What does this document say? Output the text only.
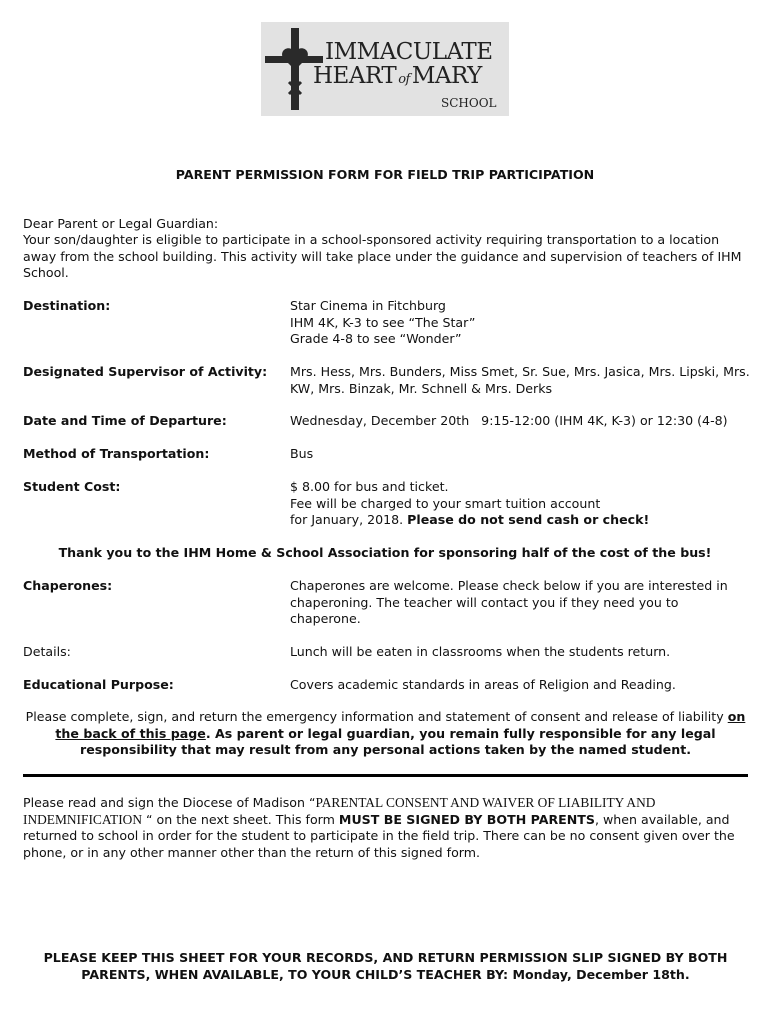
IMMACULATE
HEART ofMARY
SCHOOL
PARENT PERMISSION FORM FOR FIELD TRIP PARTICIPATION
Dear Parent or Legal Guardian:
Your son/daughter is eligible to participate in a school-sponsored activity requiring transportation to a location away from the school building. This activity will take place under the guidance and supervision of teachers of IHM School.
Destination:	Star Cinema in Fitchburg

IHM 4K, K-3 to see “The Star”

Grade 4-8 to see “Wonder”

Designated Supervisor of Activity: Mrs. Hess, Mrs. Bunders, Miss Smet, Sr. Sue, Mrs. Jasica, Mrs. Lipski, Mrs. KW, Mrs. Binzak, Mr. Schnell & Mrs. Derks
Date and Time of Departure:	Wednesday, December 20th   9:15-12:00 (IHM 4K, K-3) or 12:30 (4-8)
Method of Transportation:	Bus
Student Cost:	$ 8.00 for bus and ticket.

Fee will be charged to your smart tuition account

for January, 2018. Please do not send cash or check!

Thank you to the IHM Home & School Association for sponsoring half of the cost of the bus!
Chaperones:	Chaperones are welcome. Please check below if you are interested in chaperoning. The teacher will contact you if they need you to chaperone.
Details:	Lunch will be eaten in classrooms when the students return.
Educational Purpose:	Covers academic standards in areas of Religion and Reading.
Please complete, sign, and return the emergency information and statement of consent and release of liability on the back of this page. As parent or legal guardian, you remain fully responsible for any legal responsibility that may result from any personal actions taken by the named student.
Please read and sign the Diocese of Madison “PARENTAL CONSENT AND WAIVER OF LIABILITY AND INDEMNIFICATION “ on the next sheet. This form MUST BE SIGNED BY BOTH PARENTS, when available, and returned to school in order for the student to participate in the field trip. There can be no consent given over the phone, or in any other manner other than the return of this signed form.
PLEASE KEEP THIS SHEET FOR YOUR RECORDS, AND RETURN PERMISSION SLIP SIGNED BY BOTH PARENTS, WHEN AVAILABLE, TO YOUR CHILD’S TEACHER BY: Monday, December 18th.
